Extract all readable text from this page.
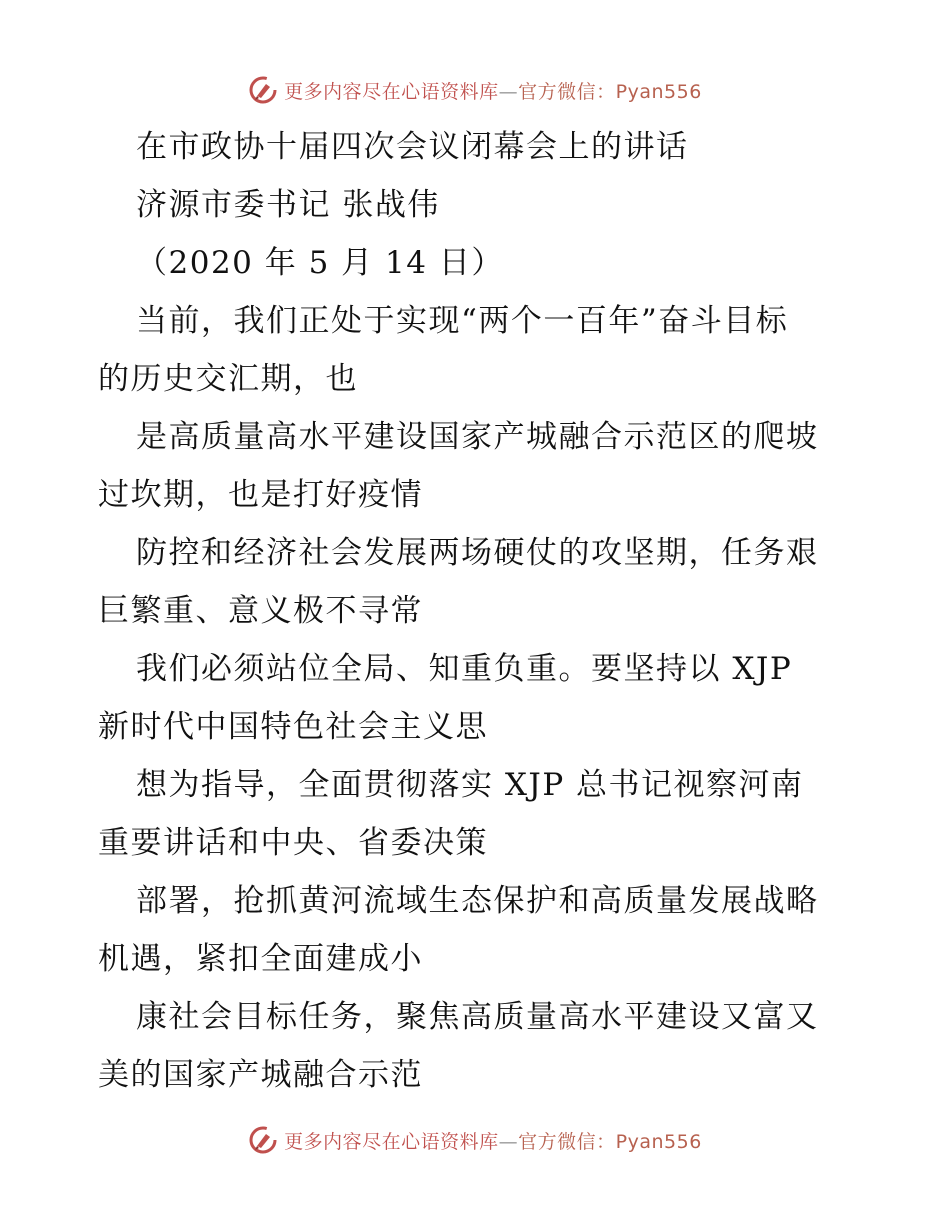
更多内容尽在心语资料库—官方微信：Pyan556
在市政协十届四次会议闭幕会上的讲话
济源市委书记 张战伟
（2020 年 5 月 14 日）
当前，我们正处于实现“两个一百年”奋斗目标
的历史交汇期，也
是高质量高水平建设国家产城融合示范区的爬坡
过坎期，也是打好疫情
防控和经济社会发展两场硬仗的攻坚期，任务艰
巨繁重、意义极不寻常
我们必须站位全局、知重负重。要坚持以 XJP
新时代中国特色社会主义思
想为指导，全面贯彻落实 XJP 总书记视察河南
重要讲话和中央、省委决策
部署，抢抓黄河流域生态保护和高质量发展战略
机遇，紧扣全面建成小
康社会目标任务，聚焦高质量高水平建设又富又
美的国家产城融合示范
更多内容尽在心语资料库—官方微信：Pyan556
